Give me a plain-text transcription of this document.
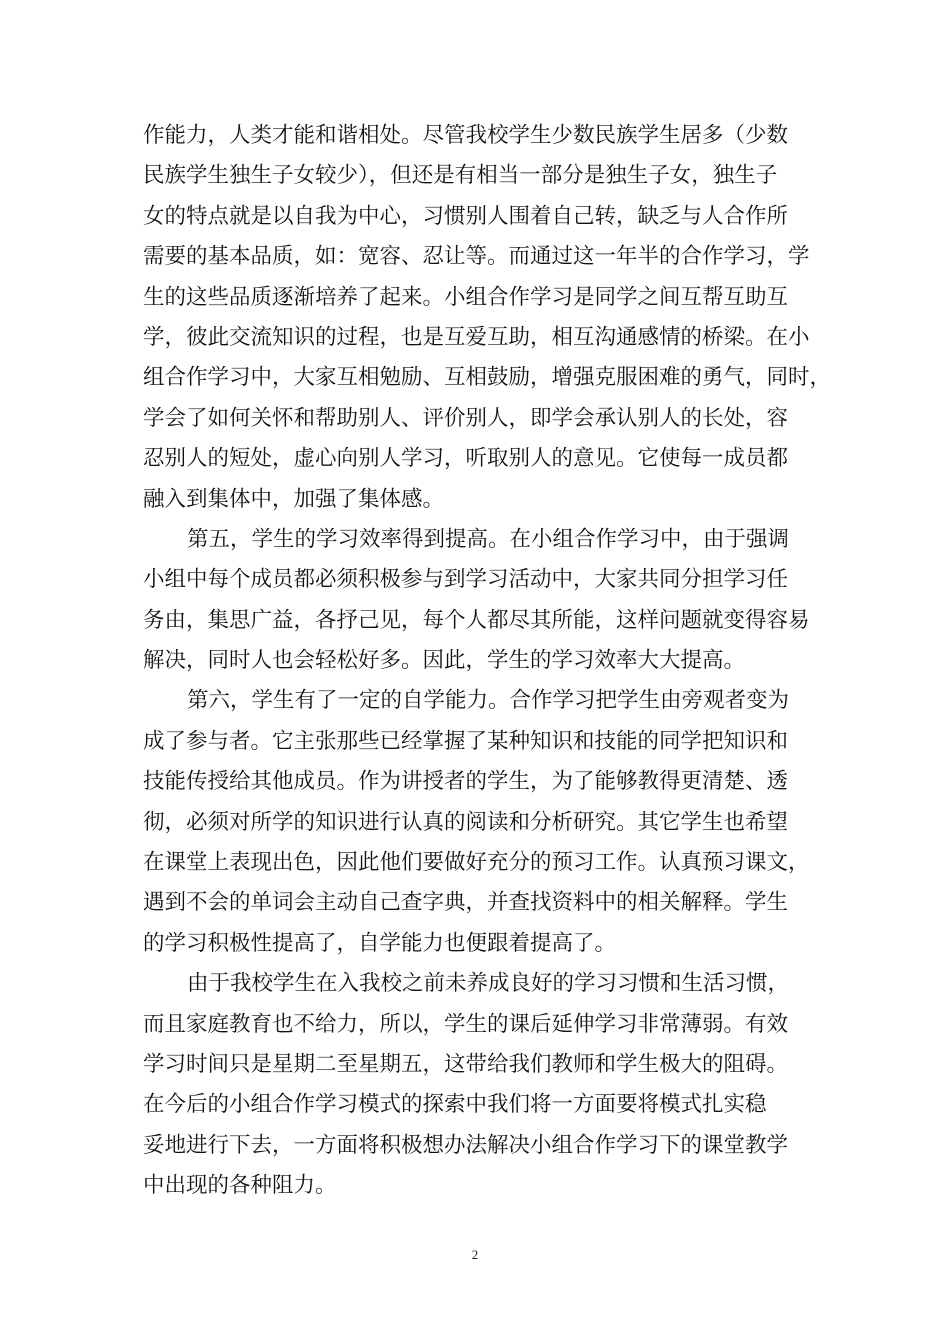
作能力，人类才能和谐相处。尽管我校学生少数民族学生居多（少数
民族学生独生子女较少），但还是有相当一部分是独生子女，独生子
女的特点就是以自我为中心，习惯别人围着自己转，缺乏与人合作所
需要的基本品质，如：宽容、忍让等。而通过这一年半的合作学习，学
生的这些品质逐渐培养了起来。小组合作学习是同学之间互帮互助互
学，彼此交流知识的过程，也是互爱互助，相互沟通感情的桥梁。在小
组合作学习中，大家互相勉励、互相鼓励，增强克服困难的勇气，同时，
学会了如何关怀和帮助别人、评价别人，即学会承认别人的长处，容
忍别人的短处，虚心向别人学习，听取别人的意见。它使每一成员都
融入到集体中，加强了集体感。
第五，学生的学习效率得到提高。在小组合作学习中，由于强调
小组中每个成员都必须积极参与到学习活动中，大家共同分担学习任
务由，集思广益，各抒己见，每个人都尽其所能，这样问题就变得容易
解决，同时人也会轻松好多。因此，学生的学习效率大大提高。
第六，学生有了一定的自学能力。合作学习把学生由旁观者变为
成了参与者。它主张那些已经掌握了某种知识和技能的同学把知识和
技能传授给其他成员。作为讲授者的学生，为了能够教得更清楚、透
彻，必须对所学的知识进行认真的阅读和分析研究。其它学生也希望
在课堂上表现出色，因此他们要做好充分的预习工作。认真预习课文，
遇到不会的单词会主动自己查字典，并查找资料中的相关解释。学生
的学习积极性提高了，自学能力也便跟着提高了。
由于我校学生在入我校之前未养成良好的学习习惯和生活习惯，
而且家庭教育也不给力，所以，学生的课后延伸学习非常薄弱。有效
学习时间只是星期二至星期五，这带给我们教师和学生极大的阻碍。
在今后的小组合作学习模式的探索中我们将一方面要将模式扎实稳
妥地进行下去，一方面将积极想办法解决小组合作学习下的课堂教学
中出现的各种阻力。
2
